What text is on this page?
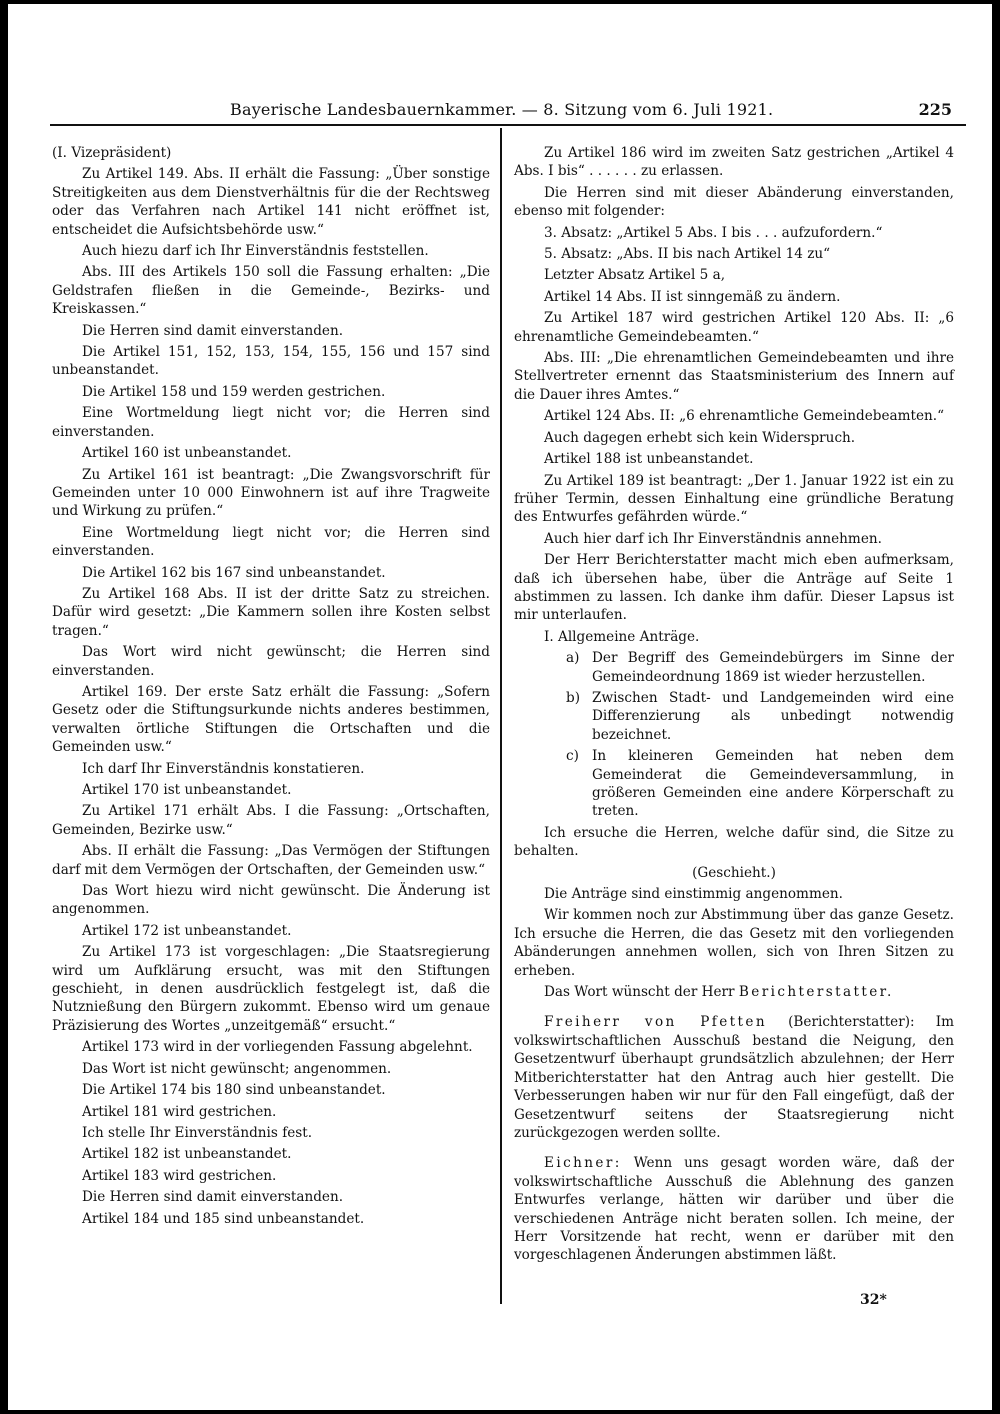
Bayerische Landesbauernkammer. — 8. Sitzung vom 6. Juli 1921.	225

(I. Vizepräsident)

Zu Artikel 149. Abs. II erhält die Fassung: „Über sonstige Streitigkeiten aus dem Dienstverhältnis für die der Rechtsweg oder das Verfahren nach Artikel 141 nicht eröffnet ist, entscheidet die Aufsichtsbehörde usw.“

Auch hiezu darf ich Ihr Einverständnis feststellen.

Abs. III des Artikels 150 soll die Fassung erhalten: „Die Geldstrafen fließen in die Gemeinde-, Bezirks- und Kreiskassen.“

Die Herren sind damit einverstanden.

Die Artikel 151, 152, 153, 154, 155, 156 und 157 sind unbeanstandet.

Die Artikel 158 und 159 werden gestrichen.

Eine Wortmeldung liegt nicht vor; die Herren sind einverstanden.

Artikel 160 ist unbeanstandet.

Zu Artikel 161 ist beantragt: „Die Zwangsvorschrift für Gemeinden unter 10 000 Einwohnern ist auf ihre Tragweite und Wirkung zu prüfen.“

Eine Wortmeldung liegt nicht vor; die Herren sind einverstanden.

Die Artikel 162 bis 167 sind unbeanstandet.

Zu Artikel 168 Abs. II ist der dritte Satz zu streichen. Dafür wird gesetzt: „Die Kammern sollen ihre Kosten selbst tragen.“

Das Wort wird nicht gewünscht; die Herren sind einverstanden.

Artikel 169. Der erste Satz erhält die Fassung: „Sofern Gesetz oder die Stiftungsurkunde nichts anderes bestimmen, verwalten örtliche Stiftungen die Ortschaften und die Gemeinden usw.“

Ich darf Ihr Einverständnis konstatieren.

Artikel 170 ist unbeanstandet.

Zu Artikel 171 erhält Abs. I die Fassung: „Ortschaften, Gemeinden, Bezirke usw.“

Abs. II erhält die Fassung: „Das Vermögen der Stiftungen darf mit dem Vermögen der Ortschaften, der Gemeinden usw.“

Das Wort hiezu wird nicht gewünscht. Die Änderung ist angenommen.

Artikel 172 ist unbeanstandet.

Zu Artikel 173 ist vorgeschlagen: „Die Staatsregierung wird um Aufklärung ersucht, was mit den Stiftungen geschieht, in denen ausdrücklich festgelegt ist, daß die Nutznießung den Bürgern zukommt. Ebenso wird um genaue Präzisierung des Wortes „unzeitgemäß“ ersucht.“

Artikel 173 wird in der vorliegenden Fassung abgelehnt.

Das Wort ist nicht gewünscht; angenommen.

Die Artikel 174 bis 180 sind unbeanstandet.

Artikel 181 wird gestrichen.

Ich stelle Ihr Einverständnis fest.

Artikel 182 ist unbeanstandet.

Artikel 183 wird gestrichen.

Die Herren sind damit einverstanden.

Artikel 184 und 185 sind unbeanstandet.

Zu Artikel 186 wird im zweiten Satz gestrichen „Artikel 4 Abs. I bis“ . . . . . . zu erlassen.

Die Herren sind mit dieser Abänderung einverstanden, ebenso mit folgender:

3. Absatz: „Artikel 5 Abs. I bis . . . aufzufordern.“

5. Absatz: „Abs. II bis nach Artikel 14 zu“

Letzter Absatz Artikel 5 a,

Artikel 14 Abs. II ist sinngemäß zu ändern.

Zu Artikel 187 wird gestrichen Artikel 120 Abs. II: „6 ehrenamtliche Gemeindebeamten.“

Abs. III: „Die ehrenamtlichen Gemeindebeamten und ihre Stellvertreter ernennt das Staatsministerium des Innern auf die Dauer ihres Amtes.“

Artikel 124 Abs. II: „6 ehrenamtliche Gemeindebeamten.“

Auch dagegen erhebt sich kein Widerspruch.

Artikel 188 ist unbeanstandet.

Zu Artikel 189 ist beantragt: „Der 1. Januar 1922 ist ein zu früher Termin, dessen Einhaltung eine gründliche Beratung des Entwurfes gefährden würde.“

Auch hier darf ich Ihr Einverständnis annehmen.

Der Herr Berichterstatter macht mich eben aufmerksam, daß ich übersehen habe, über die Anträge auf Seite 1 abstimmen zu lassen. Ich danke ihm dafür. Dieser Lapsus ist mir unterlaufen.

I. Allgemeine Anträge.

a) Der Begriff des Gemeindebürgers im Sinne der Gemeindeordnung 1869 ist wieder herzustellen.

b) Zwischen Stadt- und Landgemeinden wird eine Differenzierung als unbedingt notwendig bezeichnet.

c) In kleineren Gemeinden hat neben dem Gemeinderat die Gemeindeversammlung, in größeren Gemeinden eine andere Körperschaft zu treten.

Ich ersuche die Herren, welche dafür sind, die Sitze zu behalten.

(Geschieht.)

Die Anträge sind einstimmig angenommen.

Wir kommen noch zur Abstimmung über das ganze Gesetz. Ich ersuche die Herren, die das Gesetz mit den vorliegenden Abänderungen annehmen wollen, sich von Ihren Sitzen zu erheben.

Das Wort wünscht der Herr Berichterstatter.

Freiherr von Pfetten (Berichterstatter): Im volkswirtschaftlichen Ausschuß bestand die Neigung, den Gesetzentwurf überhaupt grundsätzlich abzulehnen; der Herr Mitberichterstatter hat den Antrag auch hier gestellt. Die Verbesserungen haben wir nur für den Fall eingefügt, daß der Gesetzentwurf seitens der Staatsregierung nicht zurückgezogen werden sollte.

Eichner: Wenn uns gesagt worden wäre, daß der volkswirtschaftliche Ausschuß die Ablehnung des ganzen Entwurfes verlange, hätten wir darüber und über die verschiedenen Anträge nicht beraten sollen. Ich meine, der Herr Vorsitzende hat recht, wenn er darüber mit den vorgeschlagenen Änderungen abstimmen läßt.

32*
